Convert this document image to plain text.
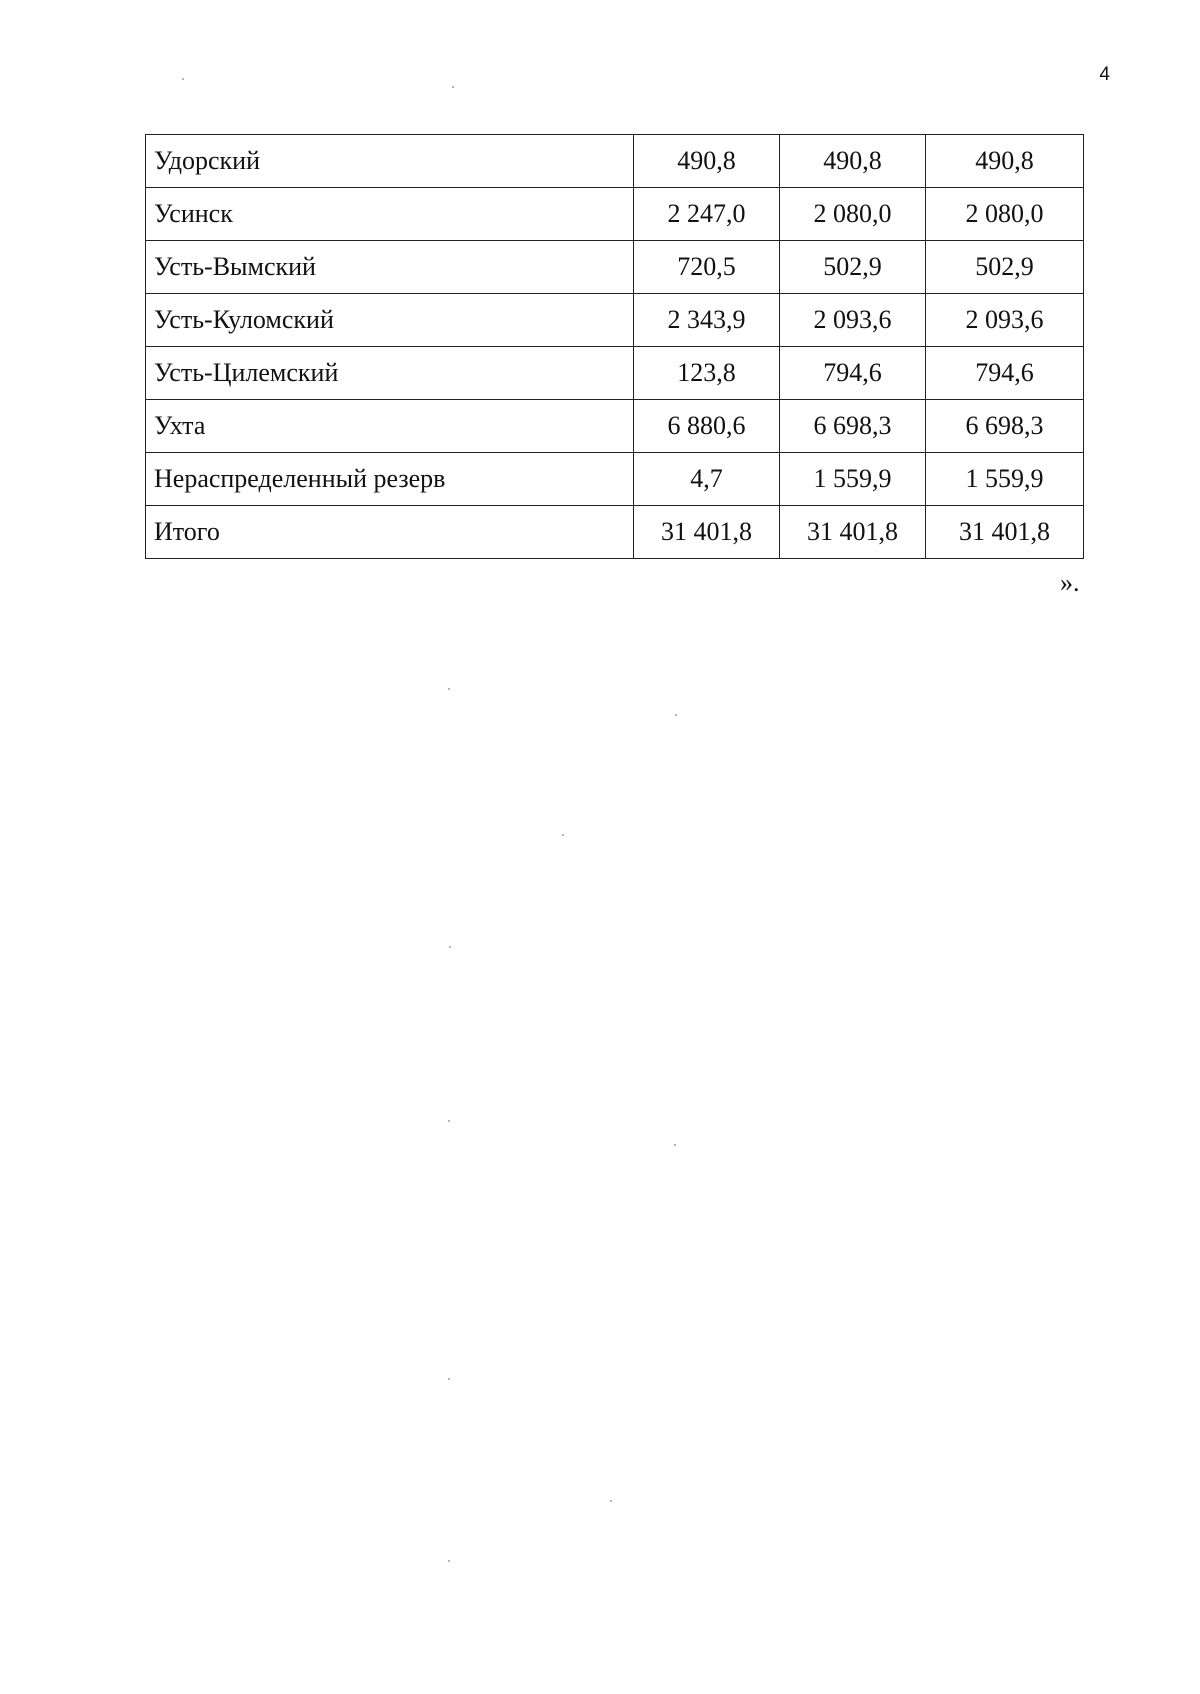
4
Удорский	490,8	490,8	490,8
Усинск	2 247,0	2 080,0	2 080,0
Усть-Вымский	720,5	502,9	502,9
Усть-Куломский	2 343,9	2 093,6	2 093,6
Усть-Цилемский	123,8	794,6	794,6
Ухта	6 880,6	6 698,3	6 698,3
Нераспределенный резерв	4,7	1 559,9	1 559,9
Итого	31 401,8	31 401,8	31 401,8
».
